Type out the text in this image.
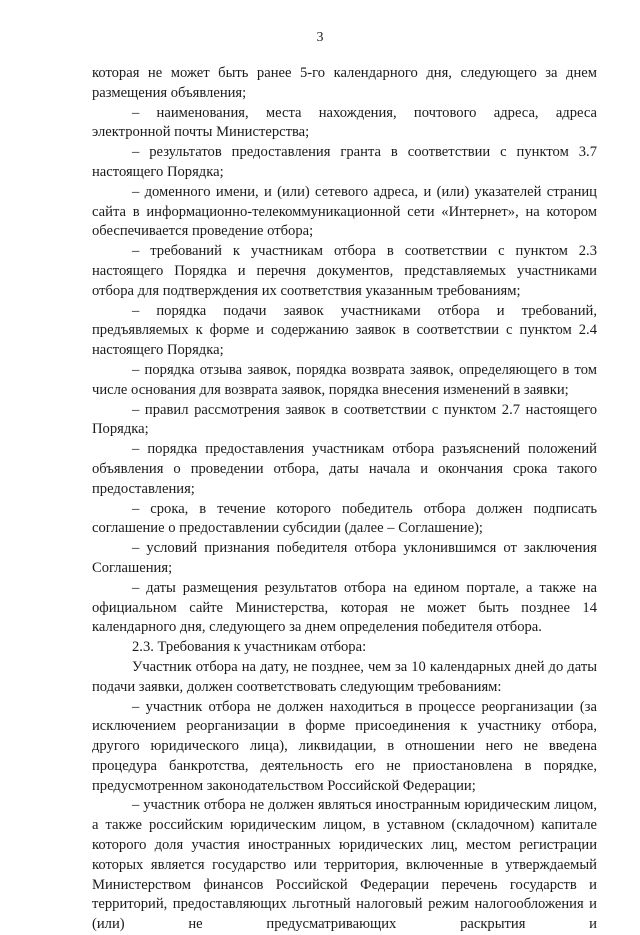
3

которая не может быть ранее 5-го календарного дня, следующего за днем размещения объявления;

– наименования, места нахождения, почтового адреса, адреса электронной почты Министерства;

– результатов предоставления гранта в соответствии с пунктом 3.7 настоящего Порядка;

– доменного имени, и (или) сетевого адреса, и (или) указателей страниц сайта в информационно-телекоммуникационной сети «Интернет», на котором обеспечивается проведение отбора;

– требований к участникам отбора в соответствии с пунктом 2.3 настоящего Порядка и перечня документов, представляемых участниками отбора для подтверждения их соответствия указанным требованиям;

– порядка подачи заявок участниками отбора и требований, предъявляемых к форме и содержанию заявок в соответствии с пунктом 2.4 настоящего Порядка;

– порядка отзыва заявок, порядка возврата заявок, определяющего в том числе основания для возврата заявок, порядка внесения изменений в заявки;

– правил рассмотрения заявок в соответствии с пунктом 2.7 настоящего Порядка;

– порядка предоставления участникам отбора разъяснений положений объявления о проведении отбора, даты начала и окончания срока такого предоставления;

– срока, в течение которого победитель отбора должен подписать соглашение о предоставлении субсидии (далее – Соглашение);

– условий признания победителя отбора уклонившимся от заключения Соглашения;

– даты размещения результатов отбора на едином портале, а также на официальном сайте Министерства, которая не может быть позднее 14 календарного дня, следующего за днем определения победителя отбора.

2.3. Требования к участникам отбора:

Участник отбора на дату, не позднее, чем за 10 календарных дней до даты подачи заявки, должен соответствовать следующим требованиям:

– участник отбора не должен находиться в процессе реорганизации (за исключением реорганизации в форме присоединения к участнику отбора, другого юридического лица), ликвидации, в отношении него не введена процедура банкротства, деятельность его не приостановлена в порядке, предусмотренном законодательством Российской Федерации;

– участник отбора не должен являться иностранным юридическим лицом, а также российским юридическим лицом, в уставном (складочном) капитале которого доля участия иностранных юридических лиц, местом регистрации которых является государство или территория, включенные в утверждаемый Министерством финансов Российской Федерации перечень государств и территорий, предоставляющих льготный налоговый режим налогообложения и (или) не предусматривающих раскрытия и
